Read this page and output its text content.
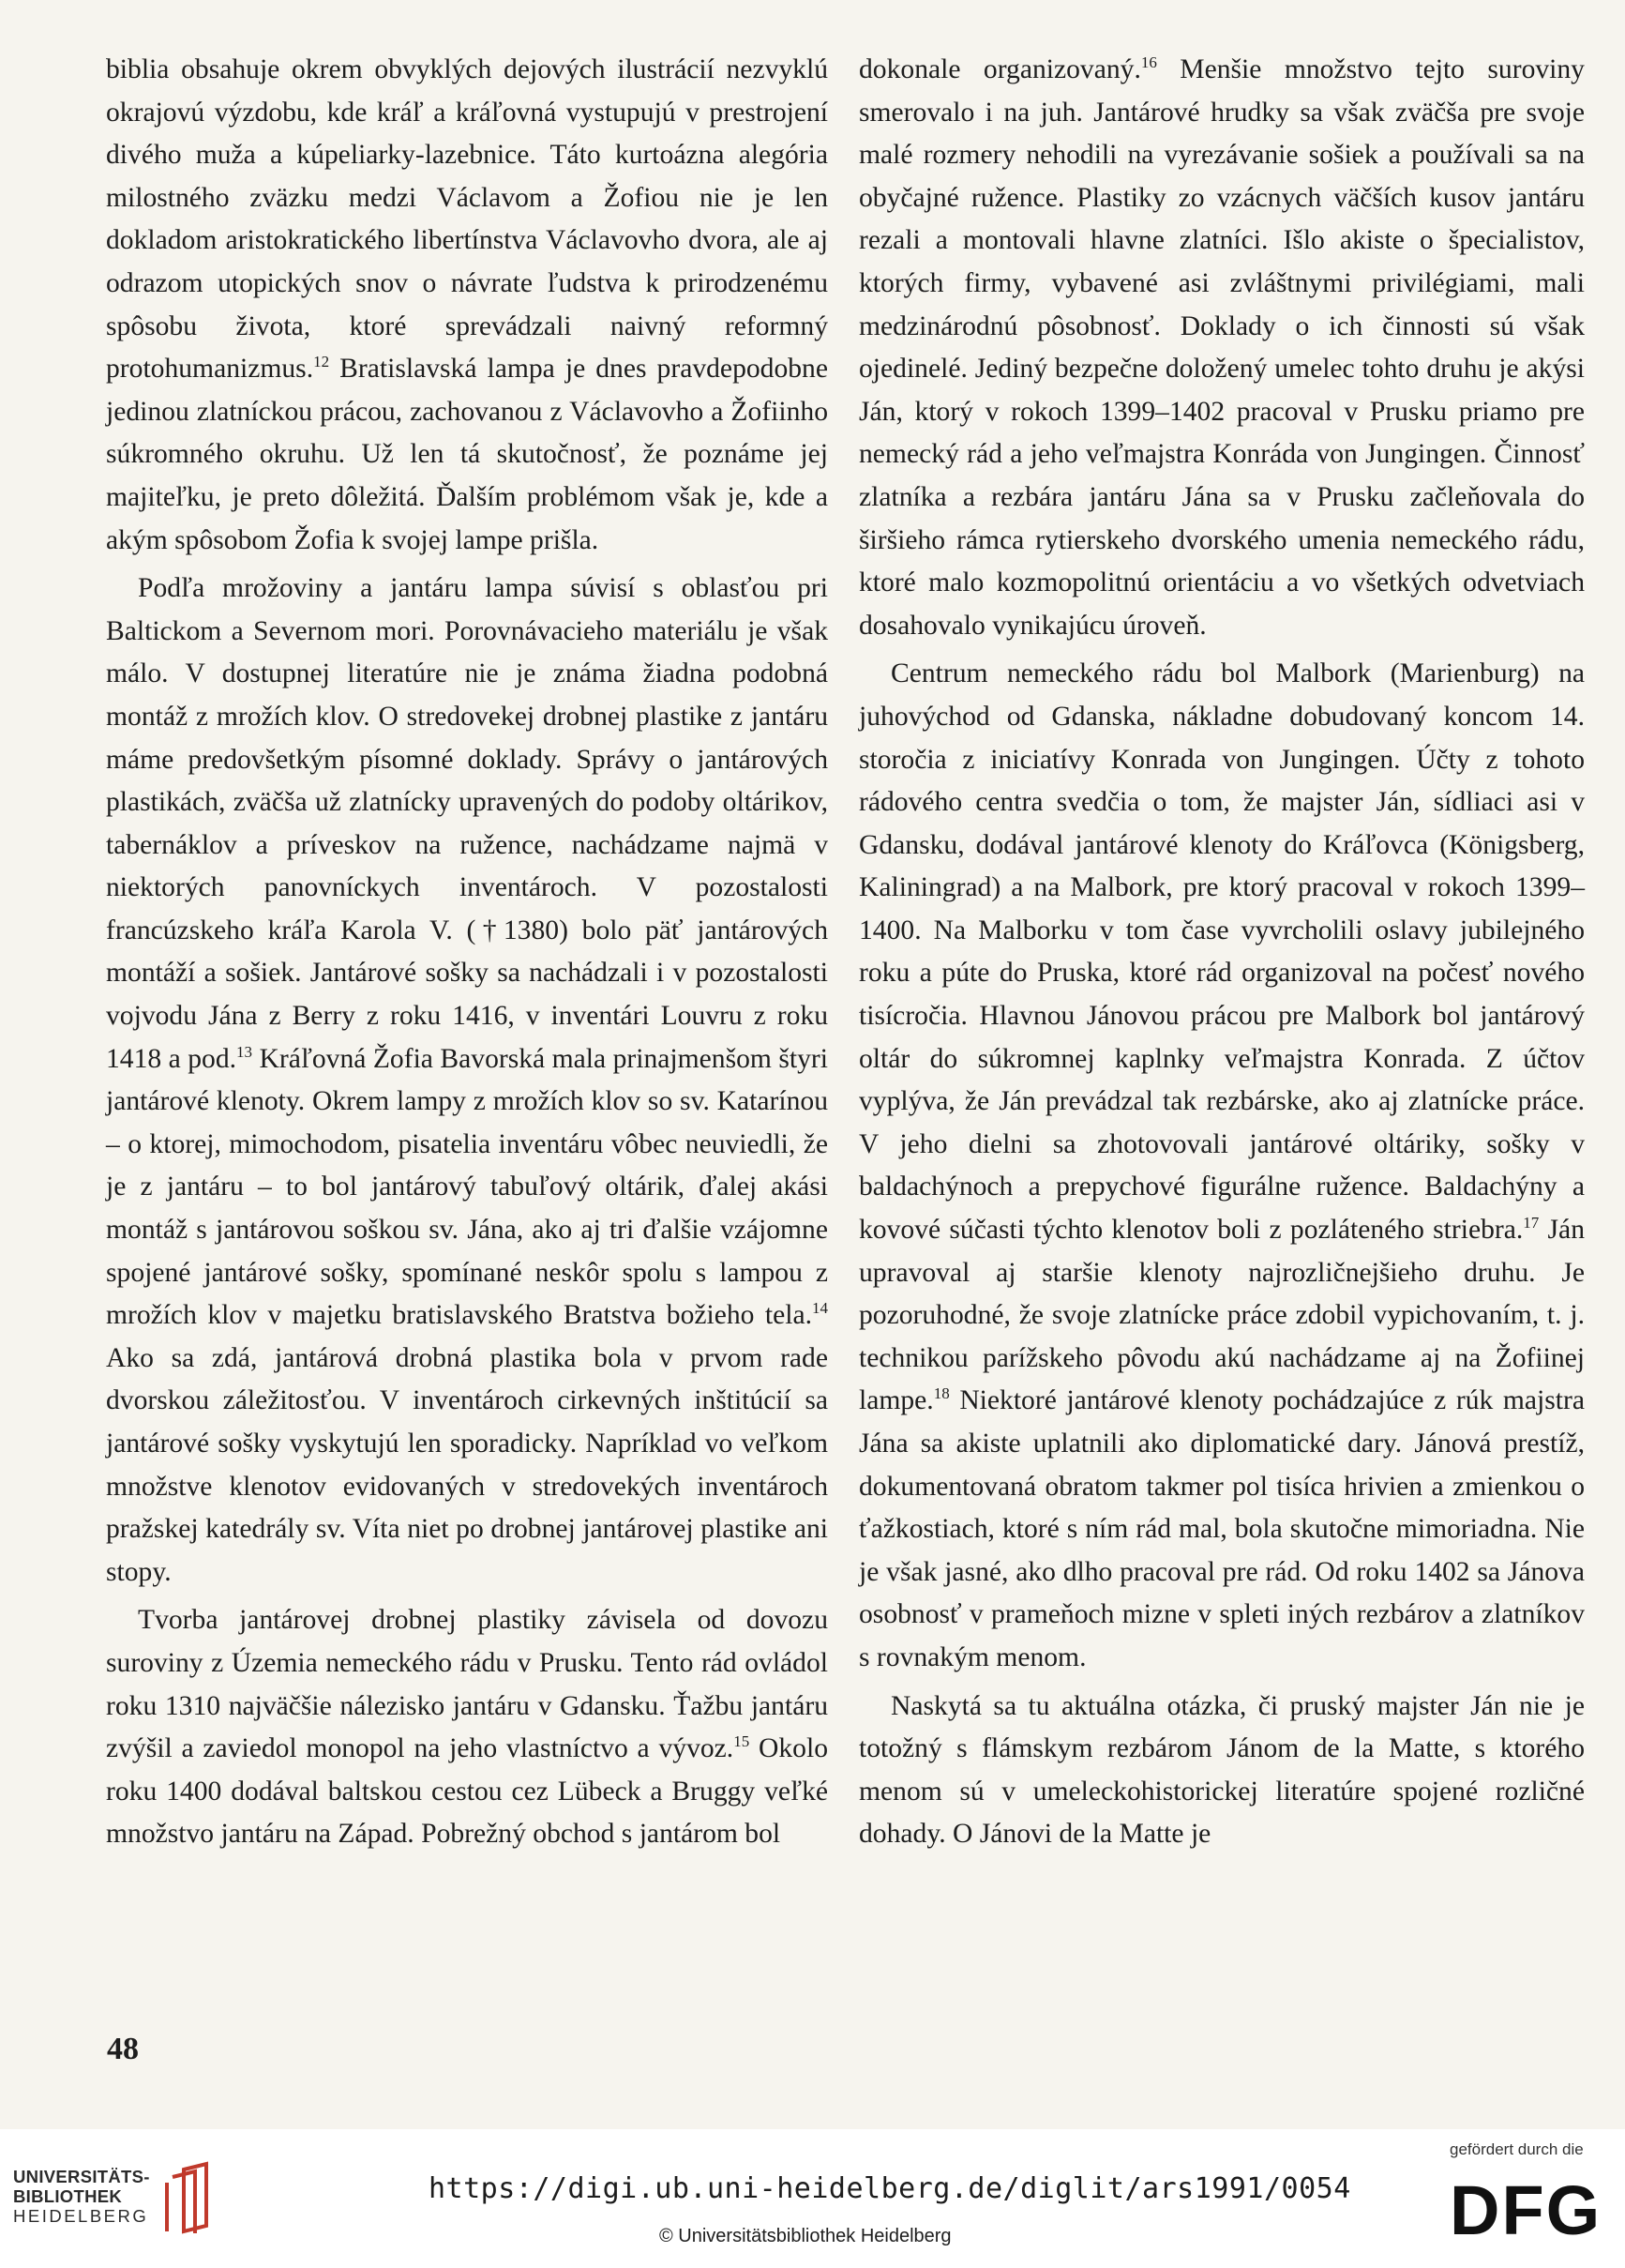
biblia obsahuje okrem obvyklých dejových ilustrácií nezvyklú okrajovú výzdobu, kde kráľ a kráľovná vystupujú v prestrojení divého muža a kúpeliarky-lazebnice. Táto kurtoázna alegória milostného zväzku medzi Václavom a Žofiou nie je len dokladom aristokratického libertínstva Václavovho dvora, ale aj odrazom utopických snov o návrate ľudstva k prirodzenému spôsobu života, ktoré sprevádzali naivný reformný protohumanizmus.$^{12}$ Bratislavská lampa je dnes pravdepodobne jedinou zlatníckou prácou, zachovanou z Václavovho a Žofiinho súkromného okruhu. Už len tá skutočnosť, že poznáme jej majiteľku, je preto dôležitá. Ďalším problémom však je, kde a akým spôsobom Žofia k svojej lampe prišla.

Podľa mrožoviny a jantáru lampa súvisí s oblasťou pri Baltickom a Severnom mori. Porovnávacieho materiálu je však málo. V dostupnej literatúre nie je známa žiadna podobná montáž z mrožích klov. O stredovekej drobnej plastike z jantáru máme predovšetkým písomné doklady. Správy o jantárových plastikách, zväčša už zlatnícky upravených do podoby oltárikov, tabernáklov a príveskov na ružence, nachádzame najmä v niektorých panovníckych inventároch. V pozostalosti francúzskeho kráľa Karola V. (†1380) bolo päť jantárových montáží a sošiek. Jantárové sošky sa nachádzali i v pozostalosti vojvodu Jána z Berry z roku 1416, v inventári Louvru z roku 1418 a pod.$^{13}$ Kráľovná Žofia Bavorská mala prinajmenšom štyri jantárové klenoty. Okrem lampy z mrožích klov so sv. Katarínou – o ktorej, mimochodom, pisatelia inventáru vôbec neuviedli, že je z jantáru – to bol jantárový tabuľový oltárik, ďalej akási montáž s jantárovou soškou sv. Jána, ako aj tri ďalšie vzájomne spojené jantárové sošky, spomínané neskôr spolu s lampou z mrožích klov v majetku bratislavského Bratstva božieho tela.$^{14}$ Ako sa zdá, jantárová drobná plastika bola v prvom rade dvorskou záležitosťou. V inventároch cirkevných inštitúcií sa jantárové sošky vyskytujú len sporadicky. Napríklad vo veľkom množstve klenotov evidovaných v stredovekých inventároch pražskej katedrály sv. Víta niet po drobnej jantárovej plastike ani stopy.

Tvorba jantárovej drobnej plastiky závisela od dovozu suroviny z Územia nemeckého rádu v Prusku. Tento rád ovládol roku 1310 najväčšie nálezisko jantáru v Gdansku. Ťažbu jantáru zvýšil a zaviedol monopol na jeho vlastníctvo a vývoz.$^{15}$ Okolo roku 1400 dodával baltskou cestou cez Lübeck a Bruggy veľké množstvo jantáru na Západ. Pobrežný obchod s jantárom bol

dokonale organizovaný.$^{16}$ Menšie množstvo tejto suroviny smerovalo i na juh. Jantárové hrudky sa však zväčša pre svoje malé rozmery nehodili na vyrezávanie sošiek a používali sa na obyčajné ružence. Plastiky zo vzácnych väčších kusov jantáru rezali a montovali hlavne zlatníci. Išlo akiste o špecialistov, ktorých firmy, vybavené asi zvláštnymi privilégiami, mali medzinárodnú pôsobnosť. Doklady o ich činnosti sú však ojedinelé. Jediný bezpečne doložený umelec tohto druhu je akýsi Ján, ktorý v rokoch 1399–1402 pracoval v Prusku priamo pre nemecký rád a jeho veľmajstra Konráda von Jungingen. Činnosť zlatníka a rezbára jantáru Jána sa v Prusku začleňovala do širšieho rámca rytierskeho dvorského umenia nemeckého rádu, ktoré malo kozmopolitnú orientáciu a vo všetkých odvetviach dosahovalo vynikajúcu úroveň.

Centrum nemeckého rádu bol Malbork (Marienburg) na juhovýchod od Gdanska, nákladne dobudovaný koncom 14. storočia z iniciatívy Konrada von Jungingen. Účty z tohoto rádového centra svedčia o tom, že majster Ján, sídliaci asi v Gdansku, dodával jantárové klenoty do Kráľovca (Königsberg, Kaliningrad) a na Malbork, pre ktorý pracoval v rokoch 1399–1400. Na Malborku v tom čase vyvrcholili oslavy jubilejného roku a púte do Pruska, ktoré rád organizoval na počesť nového tisícročia. Hlavnou Jánovou prácou pre Malbork bol jantárový oltár do súkromnej kaplnky veľmajstra Konrada. Z účtov vyplýva, že Ján prevádzal tak rezbárske, ako aj zlatnícke práce. V jeho dielni sa zhotovovali jantárové oltáriky, sošky v baldachýnoch a prepychové figurálne ružence. Baldachýny a kovové súčasti týchto klenotov boli z pozláteného striebra.$^{17}$ Ján upravoval aj staršie klenoty najrozličnejšieho druhu. Je pozoruhodné, že svoje zlatnícke práce zdobil vypichovaním, t. j. technikou parížskeho pôvodu akú nachádzame aj na Žofiinej lampe.$^{18}$ Niektoré jantárové klenoty pochádzajúce z rúk majstra Jána sa akiste uplatnili ako diplomatické dary. Jánová prestíž, dokumentovaná obratom takmer pol tisíca hrivien a zmienkou o ťažkostiach, ktoré s ním rád mal, bola skutočne mimoriadna. Nie je však jasné, ako dlho pracoval pre rád. Od roku 1402 sa Jánova osobnosť v prameňoch mizne v spleti iných rezbárov a zlatníkov s rovnakým menom.

Naskytá sa tu aktuálna otázka, či pruský majster Ján nie je totožný s flámskym rezbárom Jánom de la Matte, s ktorého menom sú v umeleckohistorickej literatúre spojené rozličné dohady. O Jánovi de la Matte je

48
UNIVERSITÄTS-
BIBLIOTHEK
HEIDELBERG
https://digi.ub.uni-heidelberg.de/diglit/ars1991/0054
© Universitätsbibliothek Heidelberg
gefördert durch die
DFG
